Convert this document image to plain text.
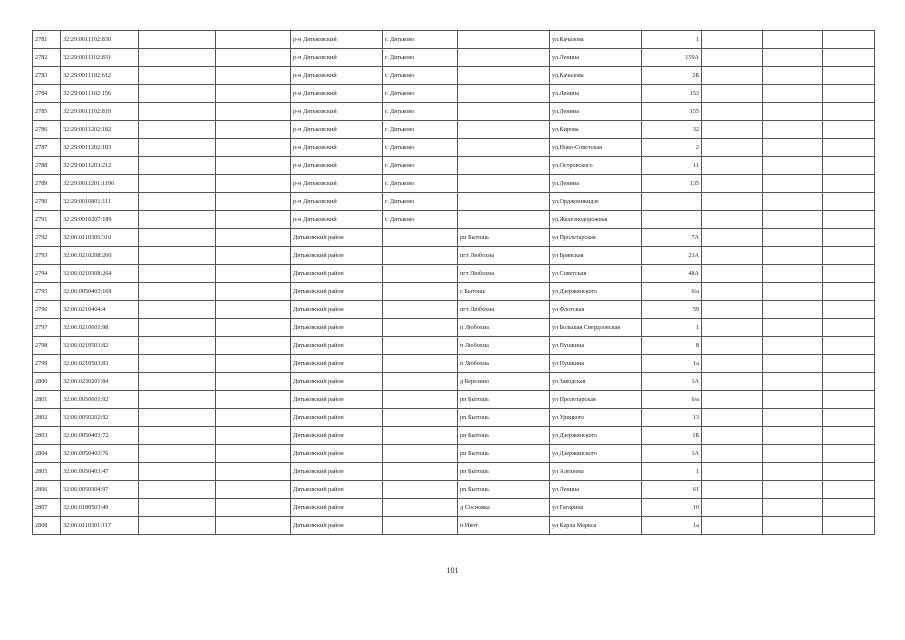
2781	32:29:0011102:830			р-н Дятьковский	г. Дятьково		ул.Качалова	1			
2782	32:29:0011102:831			р-н Дятьковский	г. Дятьково		ул.Ленина	159А			
2783	32:29:0011102:612			р-н Дятьковский	г. Дятьково		ул.Качалова	2Б			
2784	32:29:0011102:156			р-н Дятьковский	г. Дятьково		ул.Ленина	153			
2785	32:29:0011102:819			р-н Дятьковский	г. Дятьково		ул.Ленина	155			
2786	32:29:0011202:182			р-н Дятьковский	г. Дятьково		ул.Кирова	32			
2787	32:29:0011202:183			р-н Дятьковский	г. Дятьково		ул.Ново-Советская	2			
2788	32:29:0011203:212			р-н Дятьковский	г. Дятьково		ул.Островского	11			
2789	32:29:0011201:1196			р-н Дятьковский	г. Дятьково		ул.Ленина	135			
2790	32:29:0010801:111			р-н Дятьковский	г. Дятьково		ул.Орджоникидзе				
2791	32:29:0010207:189			р-н Дятьковский	г. Дятьково		ул.Железнодорожная				
2792	32:06:0110305:310			Дятьковский район		рп Бытошь	ул Пролетарская	7А			
2793	32:06:0210208:260			Дятьковский район		пгт Любохна	ул Брянская	21А			
2794	32:06:0210308:264			Дятьковский район		пгт Любохна	ул Советская	48А			
2795	32:06:0050403:169			Дятьковский район		с Бытошь	ул Дзержинского	6/а			
2796	32:06:0210404:4			Дятьковский район		пгт Любохна	ул Флотская	59			
2797	32:06:0210601:98			Дятьковский район		п Любохна	ул Большая Свердловская	1			
2798	32:06:0210503:82			Дятьковский район		п Любохна	ул Пушкина	8			
2799	32:06:0210503:83			Дятьковский район		п Любохна	ул Пушкина	1а			
2800	32:06:0230201:84			Дятьковский район		д Березино	ул Заводская	1А			
2801	32:06:0050601:92			Дятьковский район		рп Бытошь	ул Пролетарская	6/а			
2802	32:06:0050202:92			Дятьковский район		рп Бытошь	ул Урицкого	13			
2803	32:06:0050403:72			Дятьковский район		рп Бытошь	ул Дзержинского	1Б			
2804	32:06:0050403:76			Дятьковский район		рп Бытошь	ул Дзержинского	1А			
2805	32:06:0050403:47			Дятьковский район		рп Бытошь	ул Алехеева	1			
2806	32:06:0050304:97			Дятьковский район		рп Бытошь	ул Ленина	61			
2807	32:06:0180503:49			Дятьковский район		д Сосновка	ул Гагарина	10			
2808	32:06:0110301:117			Дятьковский район		п Ивот	ул Карла Маркса	1а			
101
